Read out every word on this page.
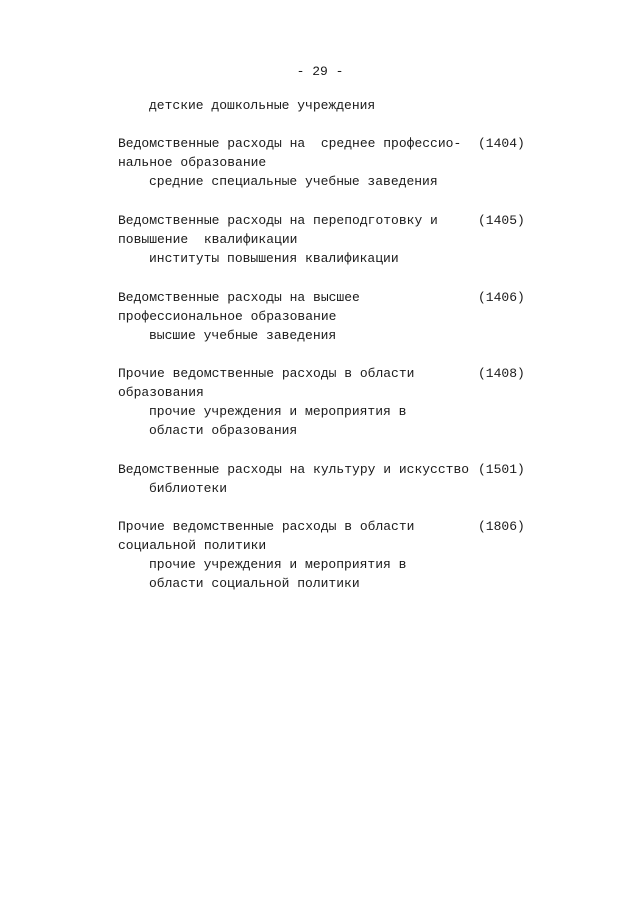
- 29 -
детские дошкольные учреждения
Ведомственные расходы на  среднее профессио- (1404)
нальное образование
средние специальные учебные заведения
Ведомственные расходы на переподготовку и	(1405)
повышение  квалификации
институты повышения квалификации
Ведомственные расходы на высшее	(1406)
профессиональное образование
высшие учебные заведения
Прочие ведомственные расходы в области	(1408)
образования
прочие учреждения и мероприятия в
области образования
Ведомственные расходы на культуру и искусство (1501)
библиотеки
Прочие ведомственные расходы в области	(1806)
социальной политики
прочие учреждения и мероприятия в
области социальной политики
